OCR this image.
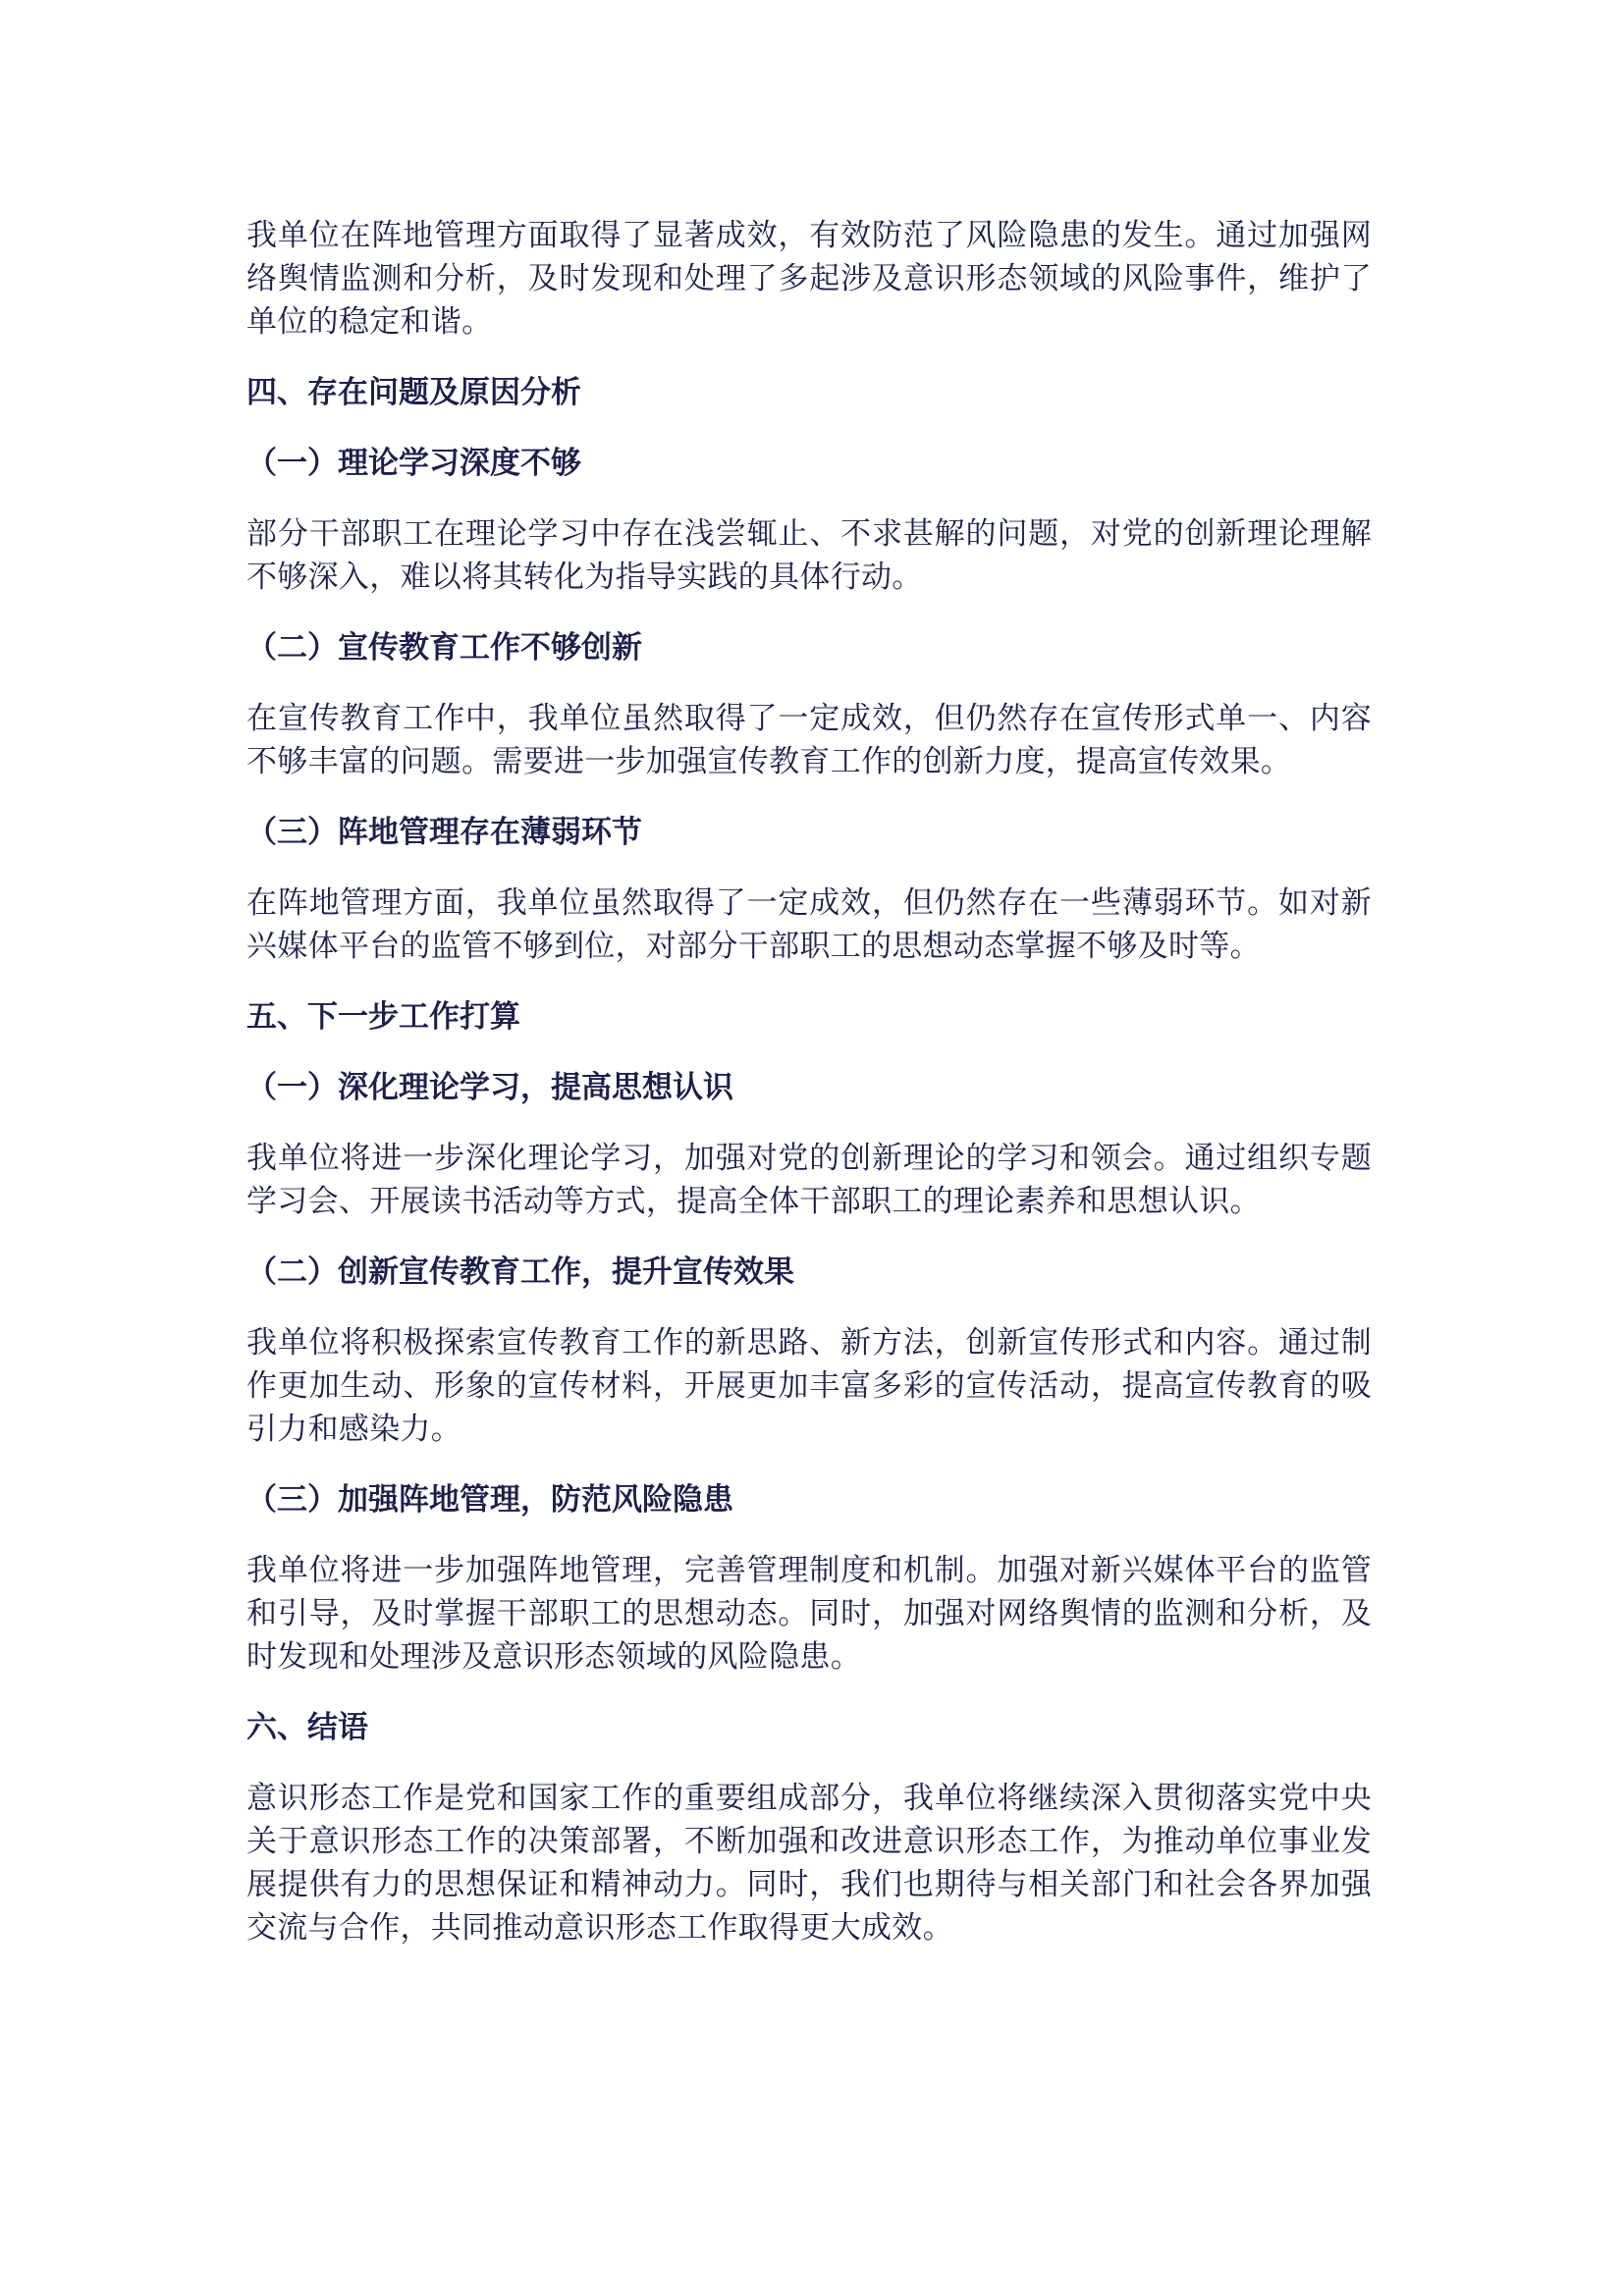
我单位在阵地管理方面取得了显著成效，有效防范了风险隐患的发生。通过加强网络舆情监测和分析，及时发现和处理了多起涉及意识形态领域的风险事件，维护了单位的稳定和谐。

四、存在问题及原因分析

（一）理论学习深度不够

部分干部职工在理论学习中存在浅尝辄止、不求甚解的问题，对党的创新理论理解不够深入，难以将其转化为指导实践的具体行动。

（二）宣传教育工作不够创新

在宣传教育工作中，我单位虽然取得了一定成效，但仍然存在宣传形式单一、内容不够丰富的问题。需要进一步加强宣传教育工作的创新力度，提高宣传效果。

（三）阵地管理存在薄弱环节

在阵地管理方面，我单位虽然取得了一定成效，但仍然存在一些薄弱环节。如对新兴媒体平台的监管不够到位，对部分干部职工的思想动态掌握不够及时等。

五、下一步工作打算

（一）深化理论学习，提高思想认识

我单位将进一步深化理论学习，加强对党的创新理论的学习和领会。通过组织专题学习会、开展读书活动等方式，提高全体干部职工的理论素养和思想认识。

（二）创新宣传教育工作，提升宣传效果

我单位将积极探索宣传教育工作的新思路、新方法，创新宣传形式和内容。通过制作更加生动、形象的宣传材料，开展更加丰富多彩的宣传活动，提高宣传教育的吸引力和感染力。

（三）加强阵地管理，防范风险隐患

我单位将进一步加强阵地管理，完善管理制度和机制。加强对新兴媒体平台的监管和引导，及时掌握干部职工的思想动态。同时，加强对网络舆情的监测和分析，及时发现和处理涉及意识形态领域的风险隐患。

六、结语

意识形态工作是党和国家工作的重要组成部分，我单位将继续深入贯彻落实党中央关于意识形态工作的决策部署，不断加强和改进意识形态工作，为推动单位事业发展提供有力的思想保证和精神动力。同时，我们也期待与相关部门和社会各界加强交流与合作，共同推动意识形态工作取得更大成效。
